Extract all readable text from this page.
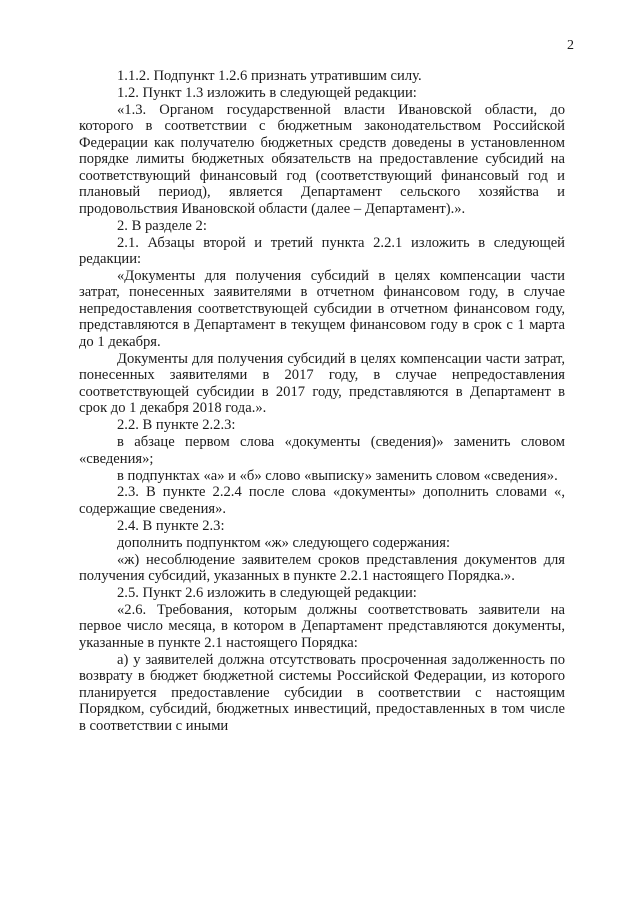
2

1.1.2. Подпункт 1.2.6 признать утратившим силу.

1.2. Пункт 1.3 изложить в следующей редакции:

«1.3. Органом государственной власти Ивановской области, до которого в соответствии с бюджетным законодательством Российской Федерации как получателю бюджетных средств доведены в установленном порядке лимиты бюджетных обязательств на предоставление субсидий на соответствующий финансовый год (соответствующий финансовый год и плановый период), является Департамент сельского хозяйства и продовольствия Ивановской области (далее – Департамент).».

2. В разделе 2:

2.1. Абзацы второй и третий пункта 2.2.1 изложить в следующей редакции:

«Документы для получения субсидий в целях компенсации части затрат, понесенных заявителями в отчетном финансовом году, в случае непредоставления соответствующей субсидии в отчетном финансовом году, представляются в Департамент в текущем финансовом году в срок с 1 марта до 1 декабря.

Документы для получения субсидий в целях компенсации части затрат, понесенных заявителями в 2017 году, в случае непредоставления соответствующей субсидии в 2017 году, представляются в Департамент в срок до 1 декабря 2018 года.».

2.2. В пункте 2.2.3:

в абзаце первом слова «документы (сведения)» заменить словом «сведения»;

в подпунктах «а» и «б» слово «выписку» заменить словом «сведения».

2.3. В пункте 2.2.4 после слова «документы» дополнить словами «, содержащие сведения».

2.4. В пункте 2.3:

дополнить подпунктом «ж» следующего содержания:

«ж) несоблюдение заявителем сроков представления документов для получения субсидий, указанных в пункте 2.2.1 настоящего Порядка.».

2.5. Пункт 2.6 изложить в следующей редакции:

«2.6. Требования, которым должны соответствовать заявители на первое число месяца, в котором в Департамент представляются документы, указанные в пункте 2.1 настоящего Порядка:

а) у заявителей должна отсутствовать просроченная задолженность по возврату в бюджет бюджетной системы Российской Федерации, из которого планируется предоставление субсидии в соответствии с настоящим Порядком, субсидий, бюджетных инвестиций, предоставленных в том числе в соответствии с иными
